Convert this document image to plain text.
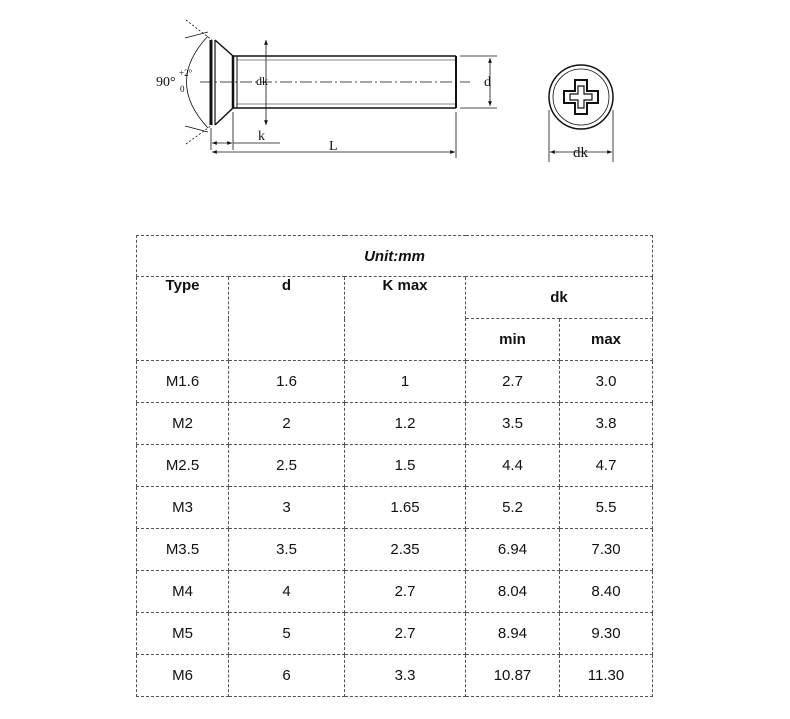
90°
+2°
0
dk	d
k
L	dk
Unit:mm				
Type	d	K max	dk	
			min	max
M1.6	1.6	1	2.7	3.0
M2	2	1.2	3.5	3.8
M2.5	2.5	1.5	4.4	4.7
M3	3	1.65	5.2	5.5
M3.5	3.5	2.35	6.94	7.30
M4	4	2.7	8.04	8.40
M5	5	2.7	8.94	9.30
M6	6	3.3	10.87	11.30
